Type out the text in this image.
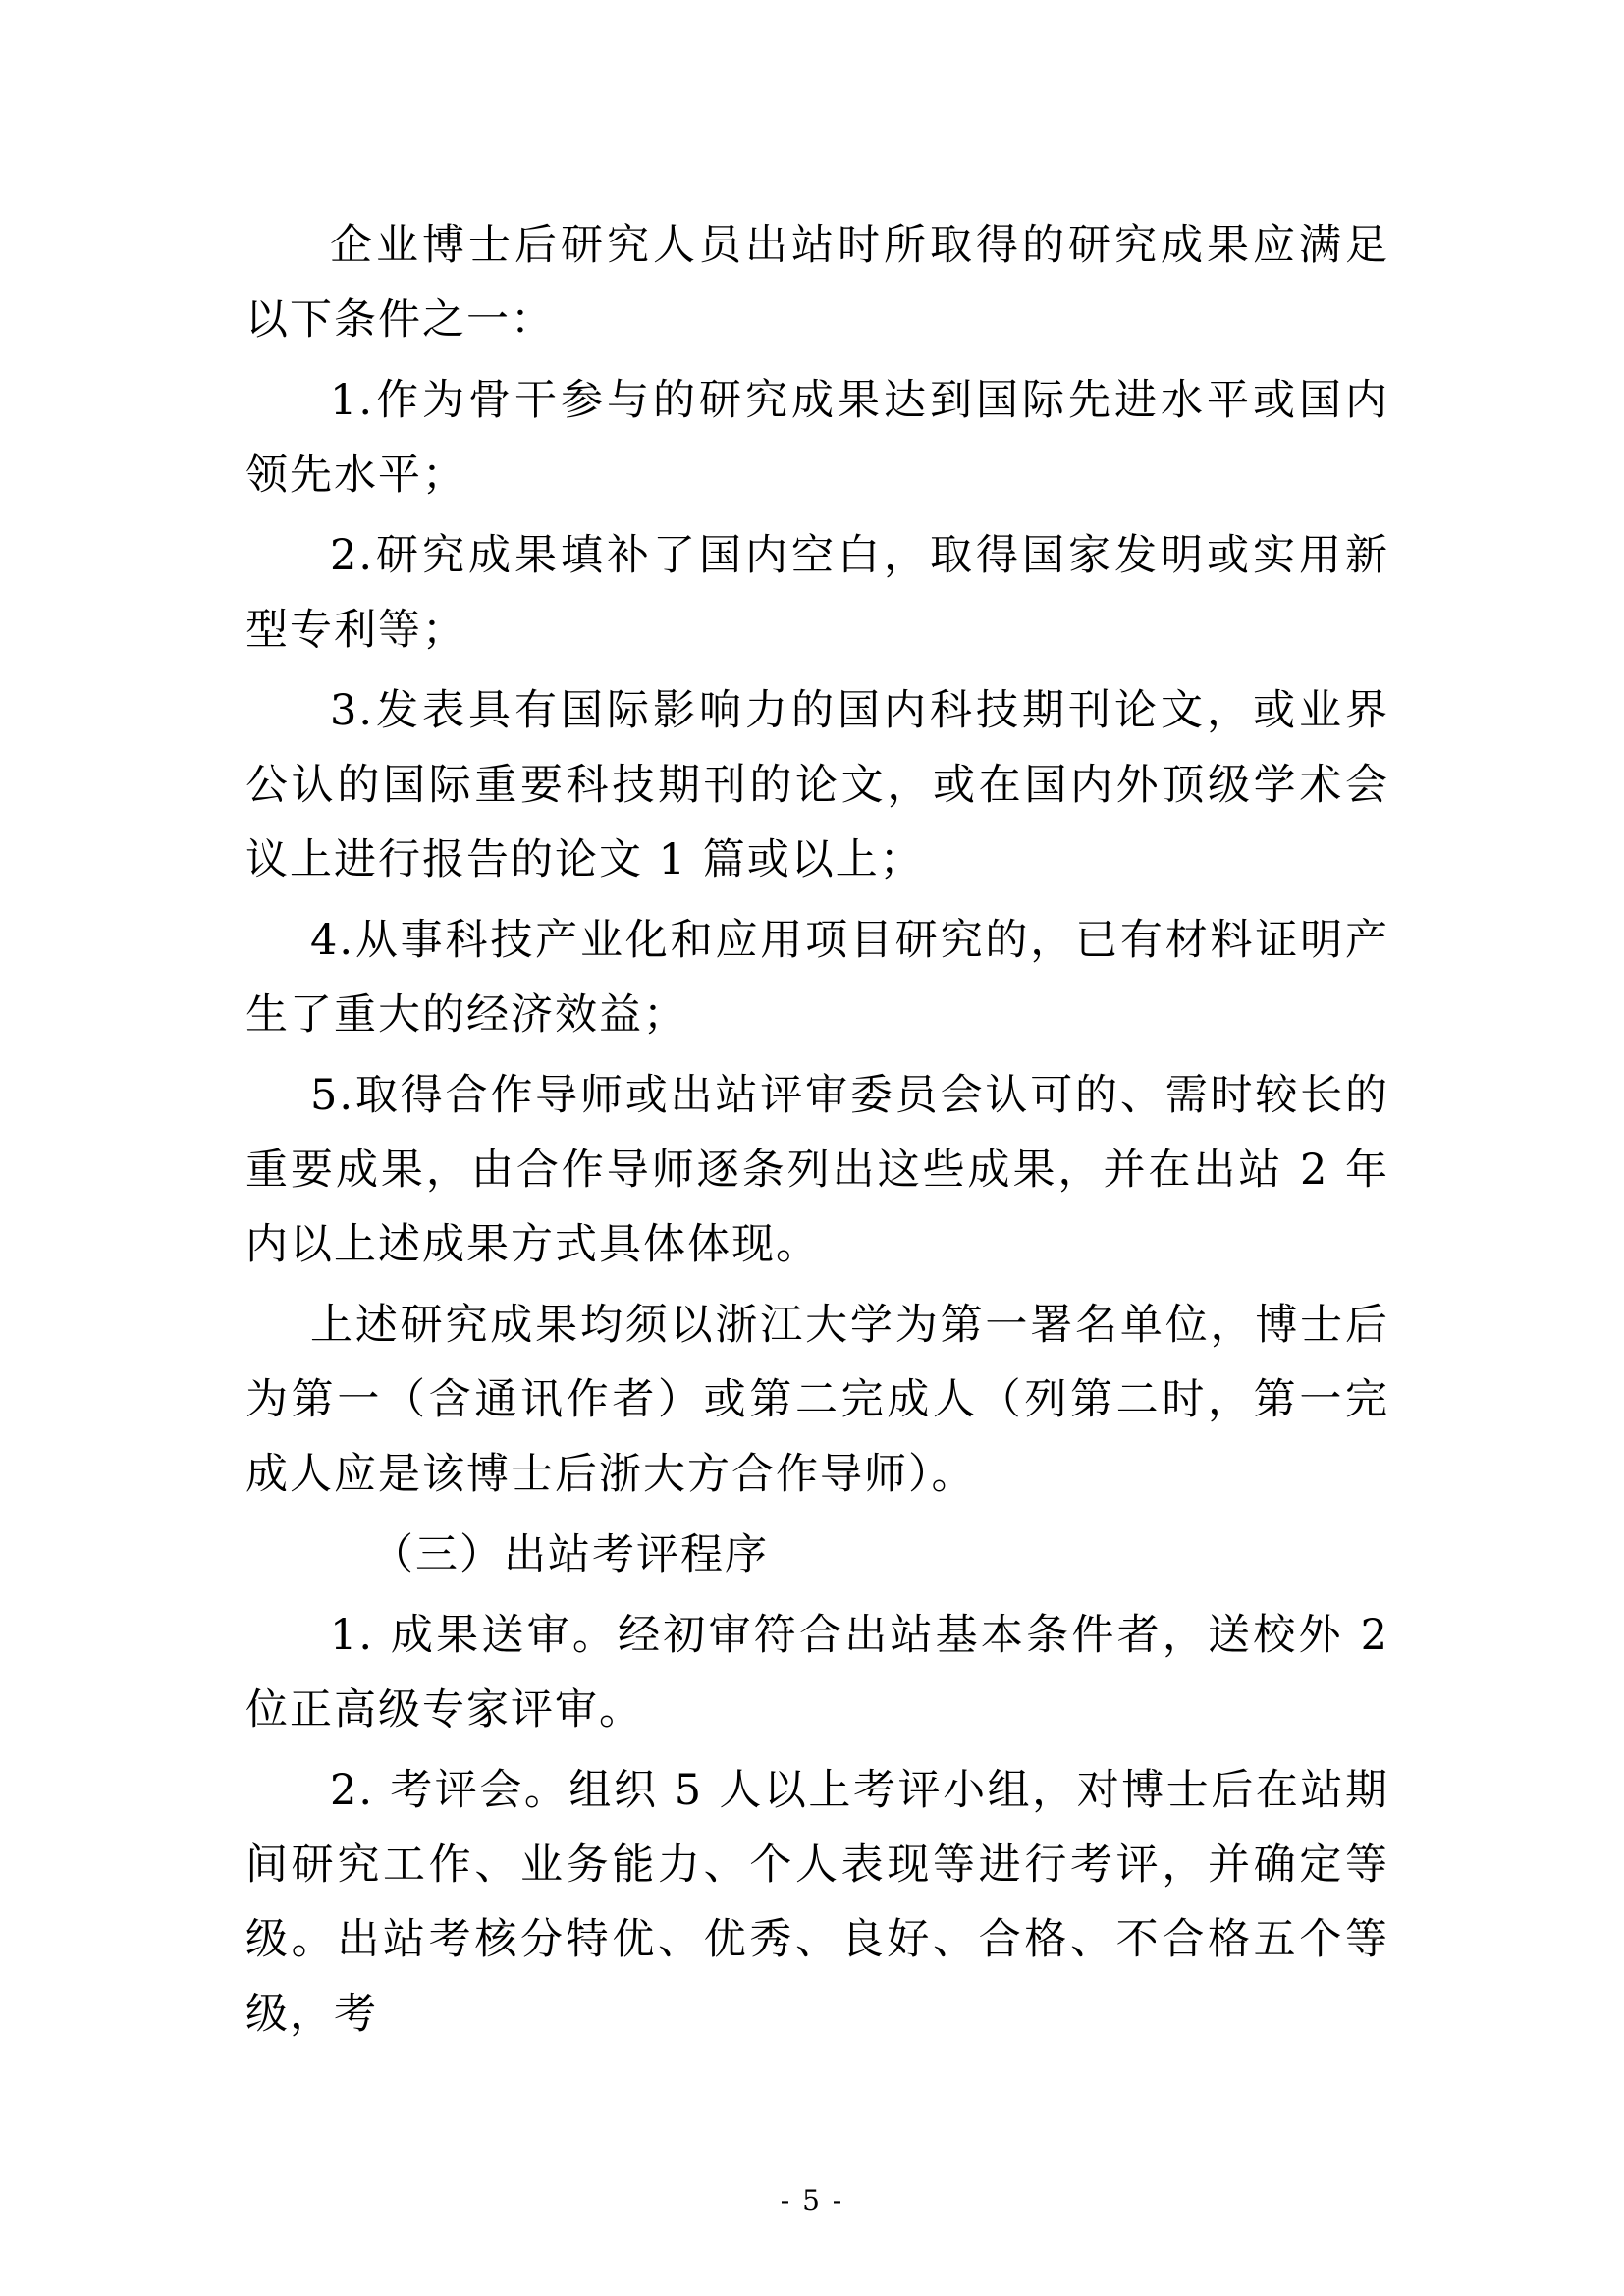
企业博士后研究人员出站时所取得的研究成果应满足以下条件之一：

1.作为骨干参与的研究成果达到国际先进水平或国内领先水平；

2.研究成果填补了国内空白，取得国家发明或实用新型专利等；

3.发表具有国际影响力的国内科技期刊论文，或业界公认的国际重要科技期刊的论文，或在国内外顶级学术会议上进行报告的论文 1 篇或以上；

4.从事科技产业化和应用项目研究的，已有材料证明产生了重大的经济效益；

5.取得合作导师或出站评审委员会认可的、需时较长的重要成果，由合作导师逐条列出这些成果，并在出站 2 年内以上述成果方式具体体现。

上述研究成果均须以浙江大学为第一署名单位，博士后为第一（含通讯作者）或第二完成人（列第二时，第一完成人应是该博士后浙大方合作导师）。

（三）出站考评程序

1. 成果送审。经初审符合出站基本条件者，送校外 2 位正高级专家评审。

2. 考评会。组织 5 人以上考评小组，对博士后在站期间研究工作、业务能力、个人表现等进行考评，并确定等级。出站考核分特优、优秀、良好、合格、不合格五个等级，考

- 5 -
